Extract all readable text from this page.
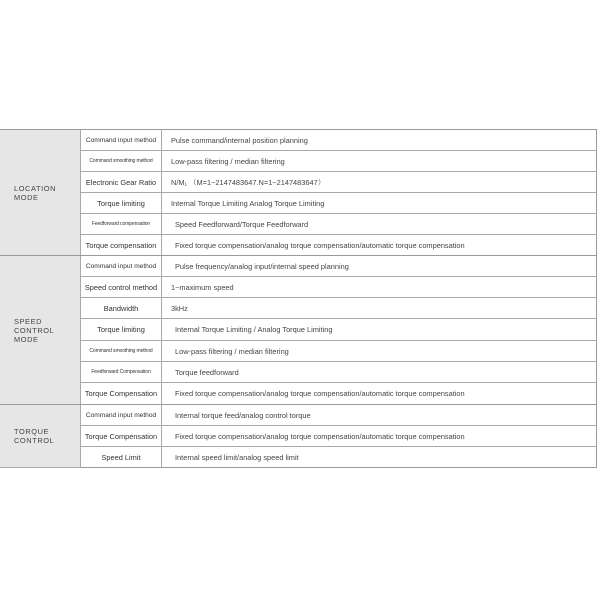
LOCATION
MODE	Command input method	Pulse command/internal position planning
	Command smoothing method	Low-pass filtering / median filtering
	Electronic Gear Ratio	N/M₁ （M=1~2147483647.N=1~2147483647）
	Torque limiting	Internal Torque Limiting Analog Torque Limiting
	Feedforward compensation	Speed Feedforward/Torque Feedforward
	Torque compensation	Fixed torque compensation/analog torque compensation/automatic torque compensation

SPEED
CONTROL
MODE	Command input method	Pulse frequency/analog input/internal speed planning
	Speed control method	1~maximum speed
	Bandwidth	3kHz
	Torque limiting	Internal Torque Limiting / Analog Torque Limiting
	Command smoothing method	Low-pass filtering / median filtering
	Feedforward Compensation	Torque feedforward
	Torque Compensation	Fixed torque compensation/analog torque compensation/automatic torque compensation

TORQUE
CONTROL	Command input method	Internal torque feed/analog control torque
	Torque Compensation	Fixed torque compensation/analog torque compensation/automatic torque compensation
	Speed Limit	Internal speed limit/analog speed limit
